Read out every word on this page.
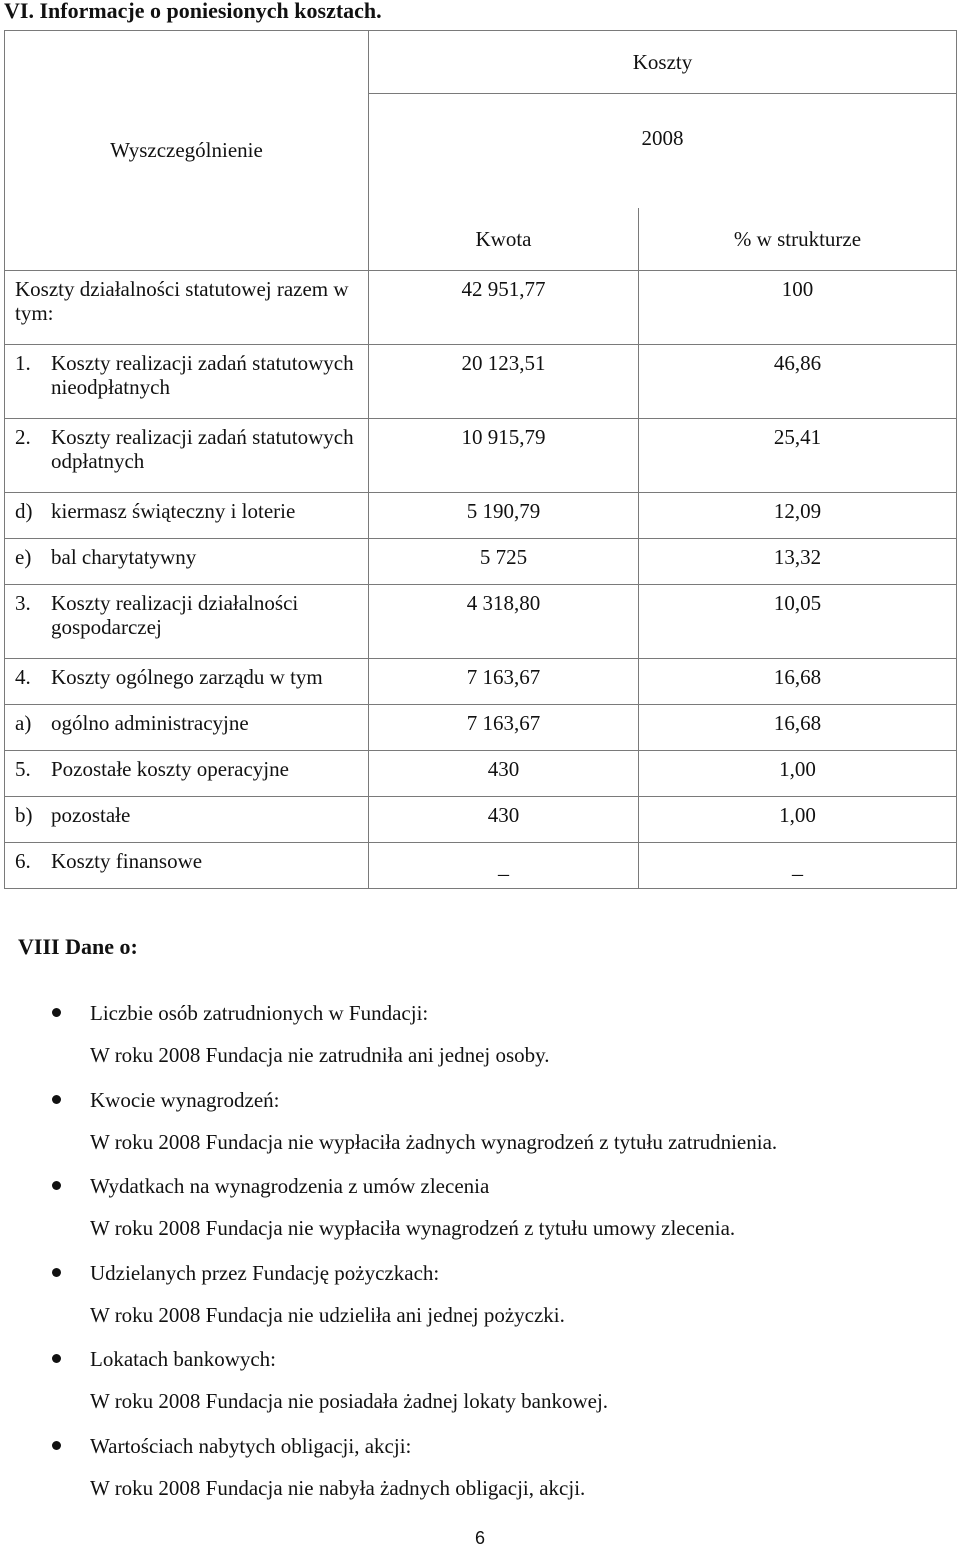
VI. Informacje o poniesionych kosztach.
Wyszczególnienie	Koszty	
	2008	
	Kwota	% w strukturze
Koszty działalności statutowej razem w tym:	42 951,77	100

1. Koszty realizacji zadań statutowych nieodpłatnych	20 123,51	46,86

2. Koszty realizacji zadań statutowych odpłatnych	10 915,79	25,41

d) kiermasz świąteczny i loterie	5 190,79	12,09

e) bal charytatywny	5 725	13,32

3. Koszty realizacji działalności gospodarczej	4 318,80	10,05

4. Koszty ogólnego zarządu w tym	7 163,67	16,68

a) ogólno administracyjne	7 163,67	16,68

5. Pozostałe koszty operacyjne	430	1,00

b) pozostałe	430	1,00

6. Koszty finansowe	_	_
VIII Dane o:
Liczbie osób zatrudnionych w Fundacji:
W roku 2008 Fundacja nie zatrudniła ani jednej osoby.
Kwocie wynagrodzeń:
W roku 2008 Fundacja nie wypłaciła żadnych wynagrodzeń z tytułu zatrudnienia.
Wydatkach na wynagrodzenia z umów zlecenia
W roku 2008 Fundacja nie wypłaciła wynagrodzeń z tytułu umowy zlecenia.
Udzielanych przez Fundację pożyczkach:
W roku 2008 Fundacja nie udzieliła ani jednej pożyczki.
Lokatach bankowych:
W roku 2008 Fundacja nie posiadała żadnej lokaty bankowej.
Wartościach nabytych obligacji, akcji:
W roku 2008 Fundacja nie nabyła żadnych obligacji, akcji.
6
